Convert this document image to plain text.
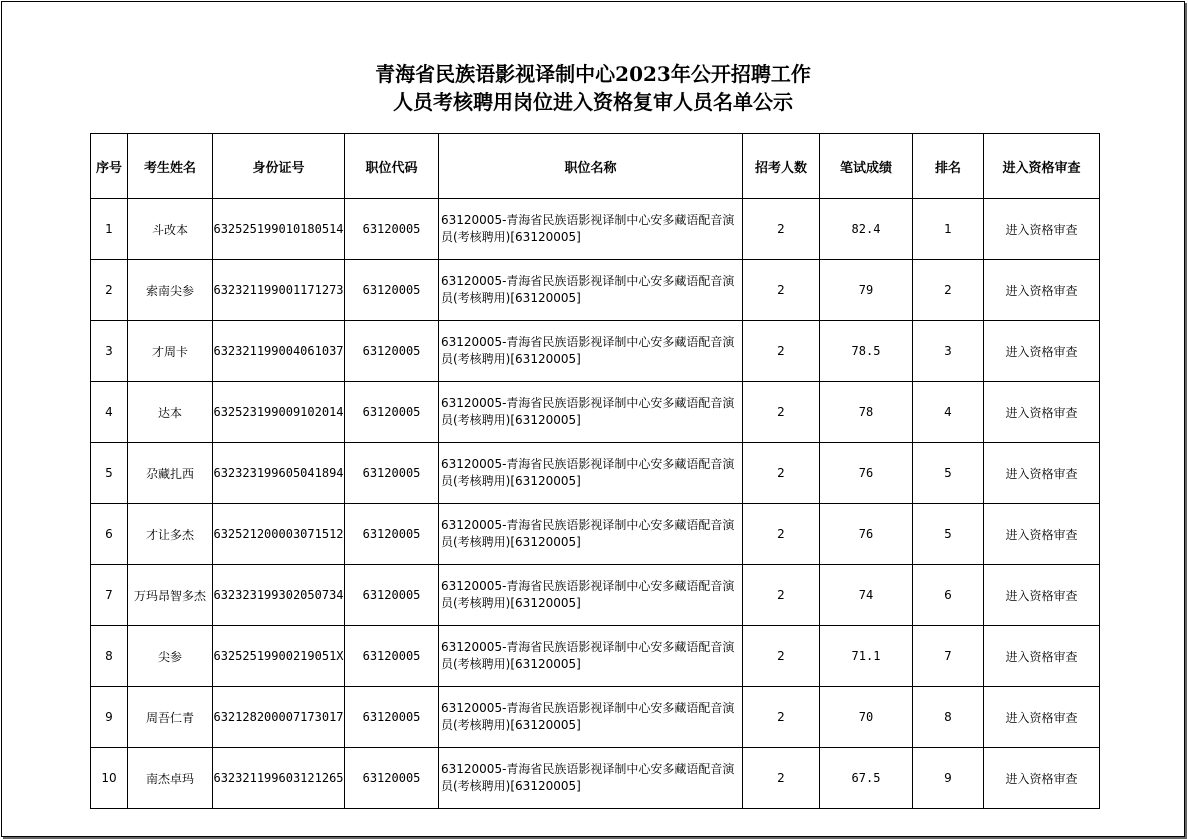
青海省民族语影视译制中心2023年公开招聘工作
人员考核聘用岗位进入资格复审人员名单公示
序号	考生姓名	身份证号	职位代码	职位名称	招考人数	笔试成绩	排名	进入资格审查
1	斗改本	632525199010180514	63120005	63120005-青海省民族语影视译制中心安多藏语配音演员(考核聘用)[63120005]	2	82.4	1	进入资格审查
2	索南尖参	632321199001171273	63120005	63120005-青海省民族语影视译制中心安多藏语配音演员(考核聘用)[63120005]	2	79	2	进入资格审查
3	才周卡	632321199004061037	63120005	63120005-青海省民族语影视译制中心安多藏语配音演员(考核聘用)[63120005]	2	78.5	3	进入资格审查
4	达本	632523199009102014	63120005	63120005-青海省民族语影视译制中心安多藏语配音演员(考核聘用)[63120005]	2	78	4	进入资格审查
5	尕藏扎西	632323199605041894	63120005	63120005-青海省民族语影视译制中心安多藏语配音演员(考核聘用)[63120005]	2	76	5	进入资格审查
6	才让多杰	632521200003071512	63120005	63120005-青海省民族语影视译制中心安多藏语配音演员(考核聘用)[63120005]	2	76	5	进入资格审查
7	万玛昂智多杰	632323199302050734	63120005	63120005-青海省民族语影视译制中心安多藏语配音演员(考核聘用)[63120005]	2	74	6	进入资格审查
8	尖参	63252519900219051X	63120005	63120005-青海省民族语影视译制中心安多藏语配音演员(考核聘用)[63120005]	2	71.1	7	进入资格审查
9	周吾仁青	632128200007173017	63120005	63120005-青海省民族语影视译制中心安多藏语配音演员(考核聘用)[63120005]	2	70	8	进入资格审查
10	南杰卓玛	632321199603121265	63120005	63120005-青海省民族语影视译制中心安多藏语配音演员(考核聘用)[63120005]	2	67.5	9	进入资格审查
